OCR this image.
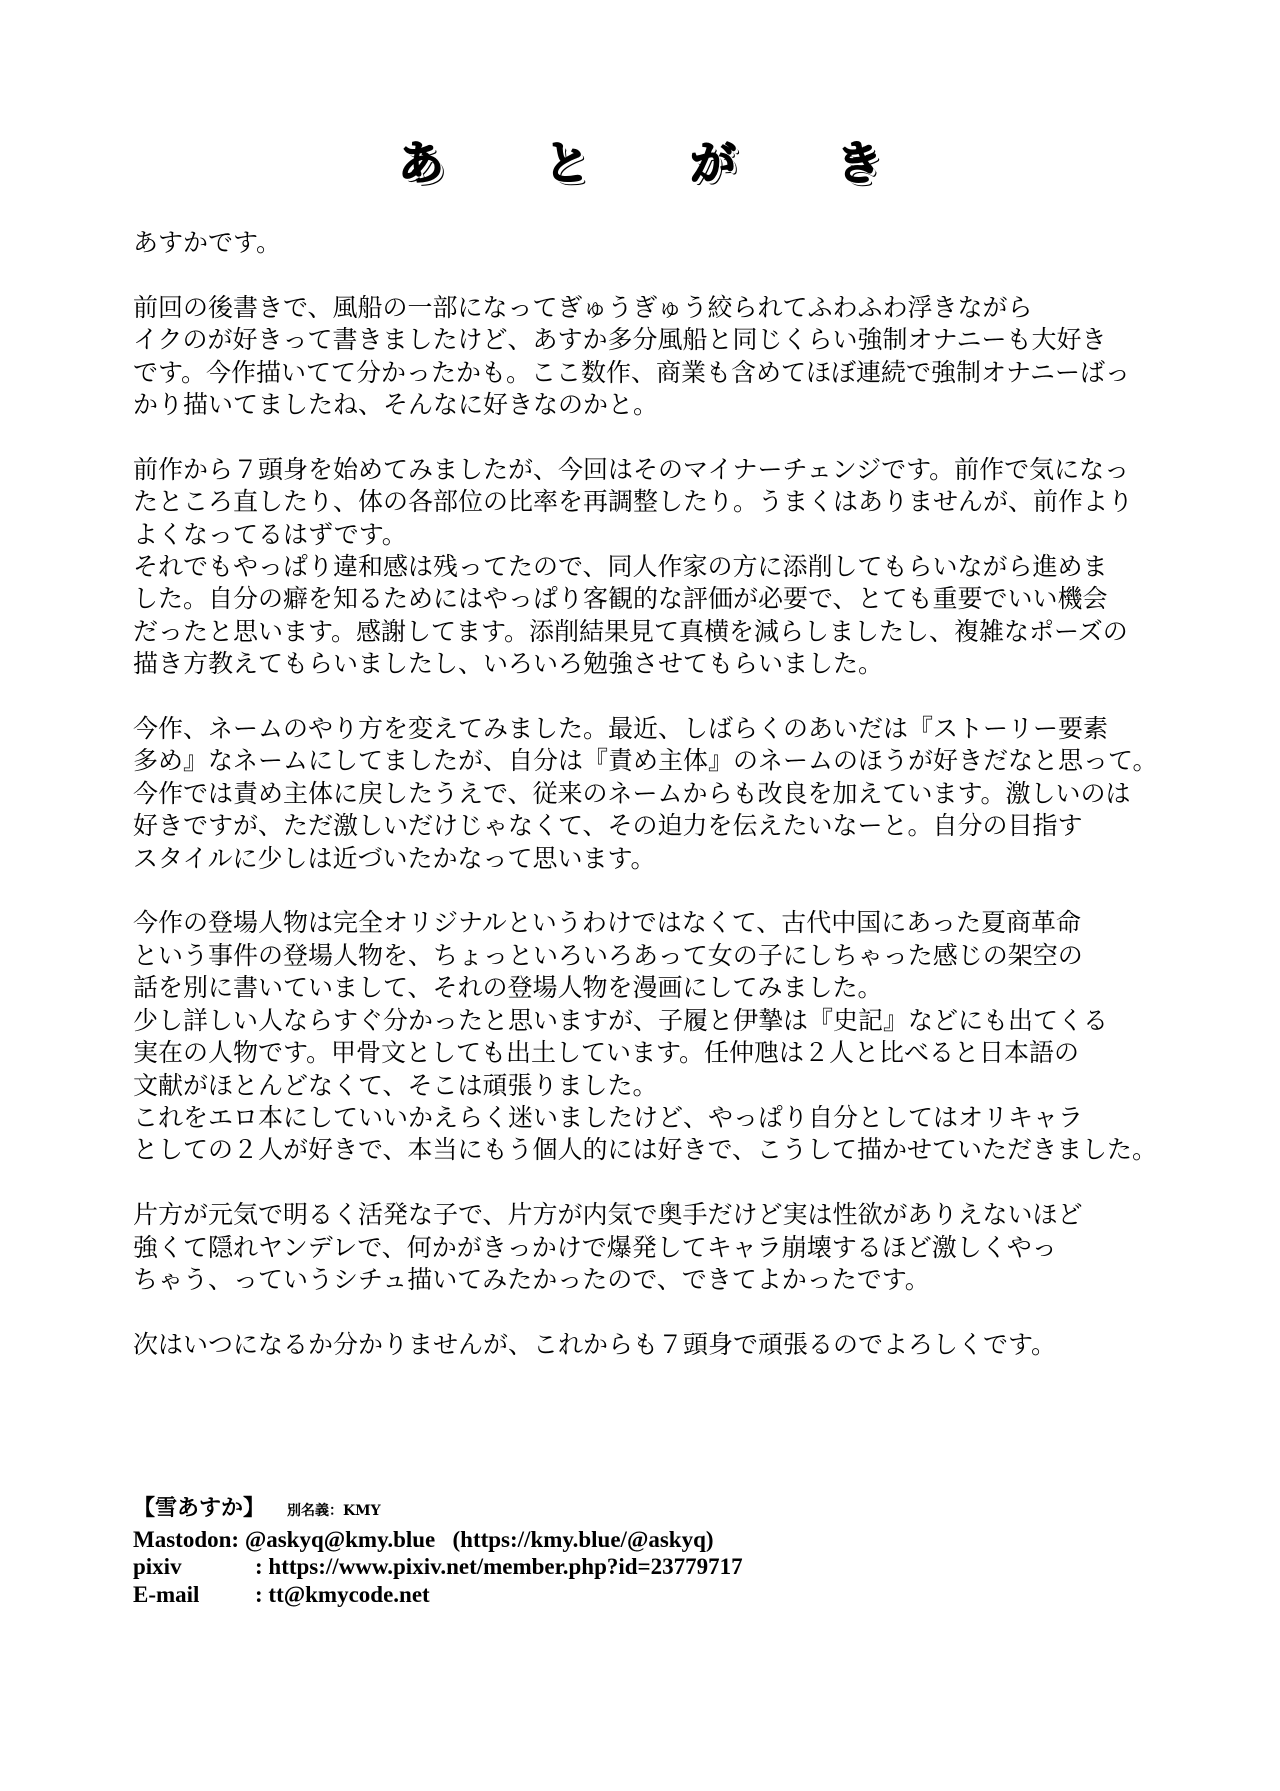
あ と が き
あすかです。
前回の後書きで、風船の一部になってぎゅうぎゅう絞られてふわふわ浮きながら
イクのが好きって書きましたけど、あすか多分風船と同じくらい強制オナニーも大好き
です。今作描いてて分かったかも。ここ数作、商業も含めてほぼ連続で強制オナニーばっ
かり描いてましたね、そんなに好きなのかと。
前作から７頭身を始めてみましたが、今回はそのマイナーチェンジです。前作で気になっ
たところ直したり、体の各部位の比率を再調整したり。うまくはありませんが、前作より
よくなってるはずです。
それでもやっぱり違和感は残ってたので、同人作家の方に添削してもらいながら進めま
した。自分の癖を知るためにはやっぱり客観的な評価が必要で、とても重要でいい機会
だったと思います。感謝してます。添削結果見て真横を減らしましたし、複雑なポーズの
描き方教えてもらいましたし、いろいろ勉強させてもらいました。
今作、ネームのやり方を変えてみました。最近、しばらくのあいだは『ストーリー要素
多め』なネームにしてましたが、自分は『責め主体』のネームのほうが好きだなと思って。
今作では責め主体に戻したうえで、従来のネームからも改良を加えています。激しいのは
好きですが、ただ激しいだけじゃなくて、その迫力を伝えたいなーと。自分の目指す
スタイルに少しは近づいたかなって思います。
今作の登場人物は完全オリジナルというわけではなくて、古代中国にあった夏商革命
という事件の登場人物を、ちょっといろいろあって女の子にしちゃった感じの架空の
話を別に書いていまして、それの登場人物を漫画にしてみました。
少し詳しい人ならすぐ分かったと思いますが、子履と伊摯は『史記』などにも出てくる
実在の人物です。甲骨文としても出土しています。任仲虺は２人と比べると日本語の
文献がほとんどなくて、そこは頑張りました。
これをエロ本にしていいかえらく迷いましたけど、やっぱり自分としてはオリキャラ
としての２人が好きで、本当にもう個人的には好きで、こうして描かせていただきました。
片方が元気で明るく活発な子で、片方が内気で奥手だけど実は性欲がありえないほど
強くて隠れヤンデレで、何かがきっかけで爆発してキャラ崩壊するほど激しくやっ
ちゃう、っていうシチュ描いてみたかったので、できてよかったです。
次はいつになるか分かりませんが、これからも７頭身で頑張るのでよろしくです。
【雪あすか】 別名義：KMY
Mastodon: @askyq@kmy.blue   (https://kmy.blue/@askyq)
pixiv	: https://www.pixiv.net/member.php?id=23779717
E-mail	: tt@kmycode.net
